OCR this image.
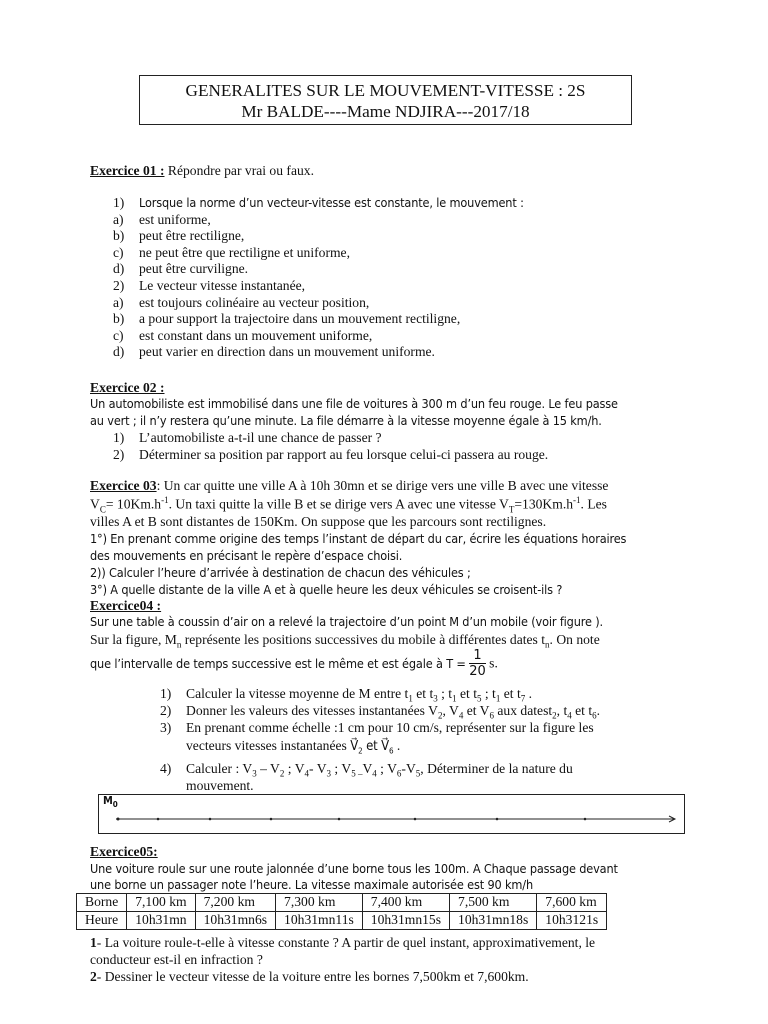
GENERALITES SUR LE MOUVEMENT-VITESSE : 2S
Mr BALDE----Mame NDJIRA---2017/18
Exercice 01 : Répondre par vrai ou faux.
1) Lorsque la norme d’un vecteur-vitesse est constante, le mouvement :
a) est uniforme,
b) peut être rectiligne,
c) ne peut être que rectiligne et uniforme,
d) peut être curviligne.
2) Le vecteur vitesse instantanée,
a) est toujours colinéaire au vecteur position,
b) a pour support la trajectoire dans un mouvement rectiligne,
c) est constant dans un mouvement uniforme,
d) peut varier en direction dans un mouvement uniforme.
Exercice 02 :
Un automobiliste est immobilisé dans une file de voitures à 300 m d’un feu rouge. Le feu passe
au vert ; il n’y restera qu’une minute. La file démarre à la vitesse moyenne égale à 15 km/h.
1) L’automobiliste a-t-il une chance de passer ?
2) Déterminer sa position par rapport au feu lorsque celui-ci passera au rouge.
Exercice 03: Un car quitte une ville A à 10h 30mn et se dirige vers une ville B avec une vitesse
$V_C= 10Km.h^{-1}$. Un taxi quitte la ville B et se dirige vers A avec une vitesse $V_T=130Km.h^{-1}$. Les
villes A et B sont distantes de 150Km. On suppose que les parcours sont rectilignes.
1°) En prenant comme origine des temps l’instant de départ du car, écrire les équations horaires
des mouvements en précisant le repère d’espace choisi.
2)) Calculer l’heure d’arrivée à destination de chacun des véhicules ;
3°) A quelle distante de la ville A et à quelle heure les deux véhicules se croisent-ils ?
Exercice04 :
Sur une table à coussin d’air on a relevé la trajectoire d’un point M d’un mobile (voir figure ).
Sur la figure, $M_n$ représente les positions successives du mobile à différentes dates $t_n$. On note
que l’intervalle de temps successive est le même et est égale à $T = \frac{1}{20} s$.
1) Calculer la vitesse moyenne de M entre $t_1$ et $t_3$ ; $t_1$ et $t_5$ ; $t_1$ et $t_7$ .
2) Donner les valeurs des vitesses instantanées $V_2$, $V_4$ et $V_6$ aux datest$_2$, $t_4$ et $t_6$.
3) En prenant comme échelle :1 cm pour 10 cm/s, représenter sur la figure les
vecteurs vitesses instantanées $V⃗_2$ et $V⃗_6$ .
4) Calculer : $V_3 - V_2$ ; $V_4-$ $V_3$ ; $V_{5 -}V_4$ ; $V_6-V_5$, Déterminer de la nature du
mouvement.
$M_0$
Exercice05:
Une voiture roule sur une route jalonnée d’une borne tous les 100m. A Chaque passage devant
une borne un passager note l’heure. La vitesse maximale autorisée est 90 km/h
Borne	7,100 km	7,200 km	7,300 km	7,400 km	7,500 km	7,600 km
Heure	10h31mn	10h31mn6s	10h31mn11s	10h31mn15s	10h31mn18s	10h3121s
1- La voiture roule-t-elle à vitesse constante ? A partir de quel instant, approximativement, le
conducteur est-il en infraction ?
2- Dessiner le vecteur vitesse de la voiture entre les bornes 7,500km et 7,600km.
